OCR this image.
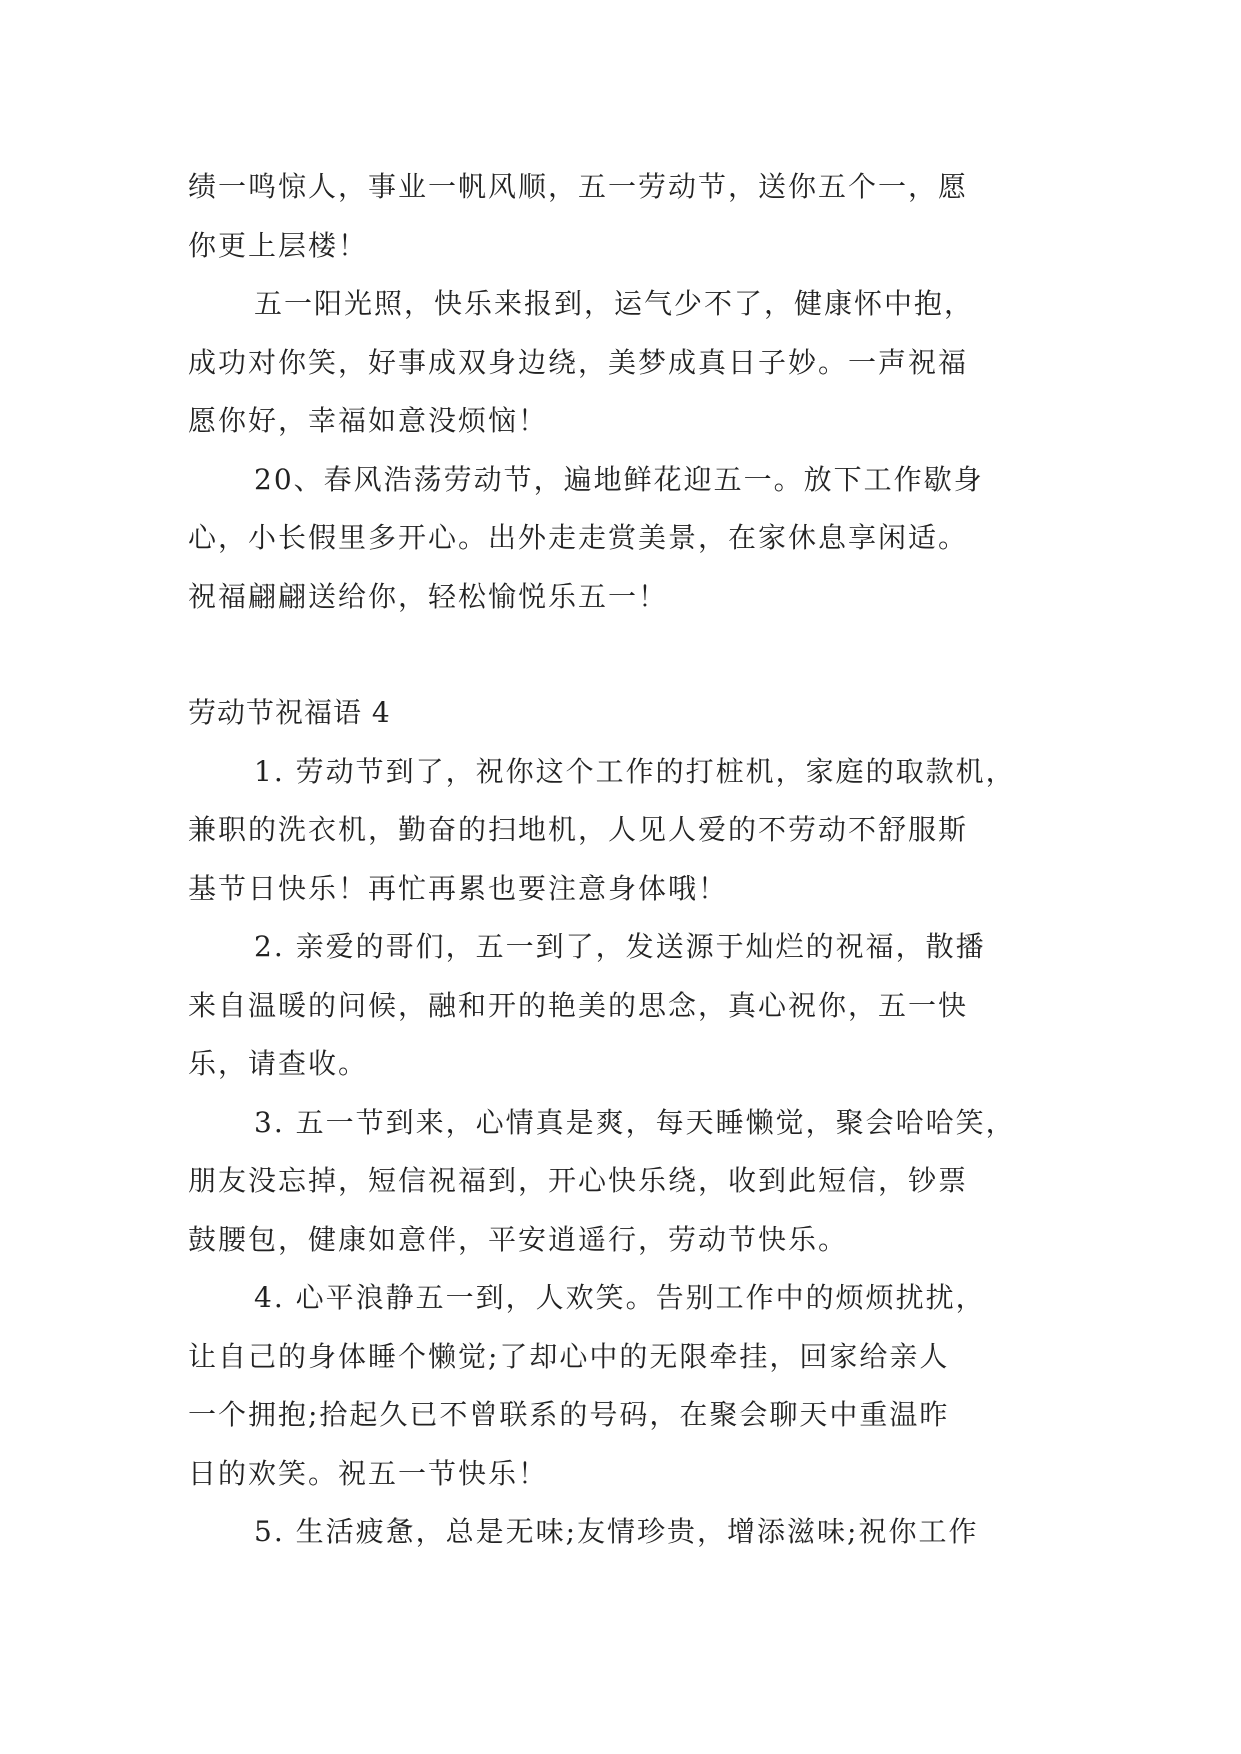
绩一鸣惊人，事业一帆风顺，五一劳动节，送你五个一，愿
你更上层楼！
五一阳光照，快乐来报到，运气少不了，健康怀中抱，
成功对你笑，好事成双身边绕，美梦成真日子妙。一声祝福
愿你好，幸福如意没烦恼！
20、春风浩荡劳动节，遍地鲜花迎五一。放下工作歇身
心，小长假里多开心。出外走走赏美景，在家休息享闲适。
祝福翩翩送给你，轻松愉悦乐五一！
劳动节祝福语 4
1. 劳动节到了，祝你这个工作的打桩机，家庭的取款机，
兼职的洗衣机，勤奋的扫地机，人见人爱的不劳动不舒服斯
基节日快乐！再忙再累也要注意身体哦！
2. 亲爱的哥们，五一到了，发送源于灿烂的祝福，散播
来自温暖的问候，融和开的艳美的思念，真心祝你，五一快
乐，请查收。
3. 五一节到来，心情真是爽，每天睡懒觉，聚会哈哈笑，
朋友没忘掉，短信祝福到，开心快乐绕，收到此短信，钞票
鼓腰包，健康如意伴，平安逍遥行，劳动节快乐。
4. 心平浪静五一到，人欢笑。告别工作中的烦烦扰扰，
让自己的身体睡个懒觉;了却心中的无限牵挂，回家给亲人
一个拥抱;拾起久已不曾联系的号码，在聚会聊天中重温昨
日的欢笑。祝五一节快乐！
5. 生活疲惫，总是无味;友情珍贵，增添滋味;祝你工作
